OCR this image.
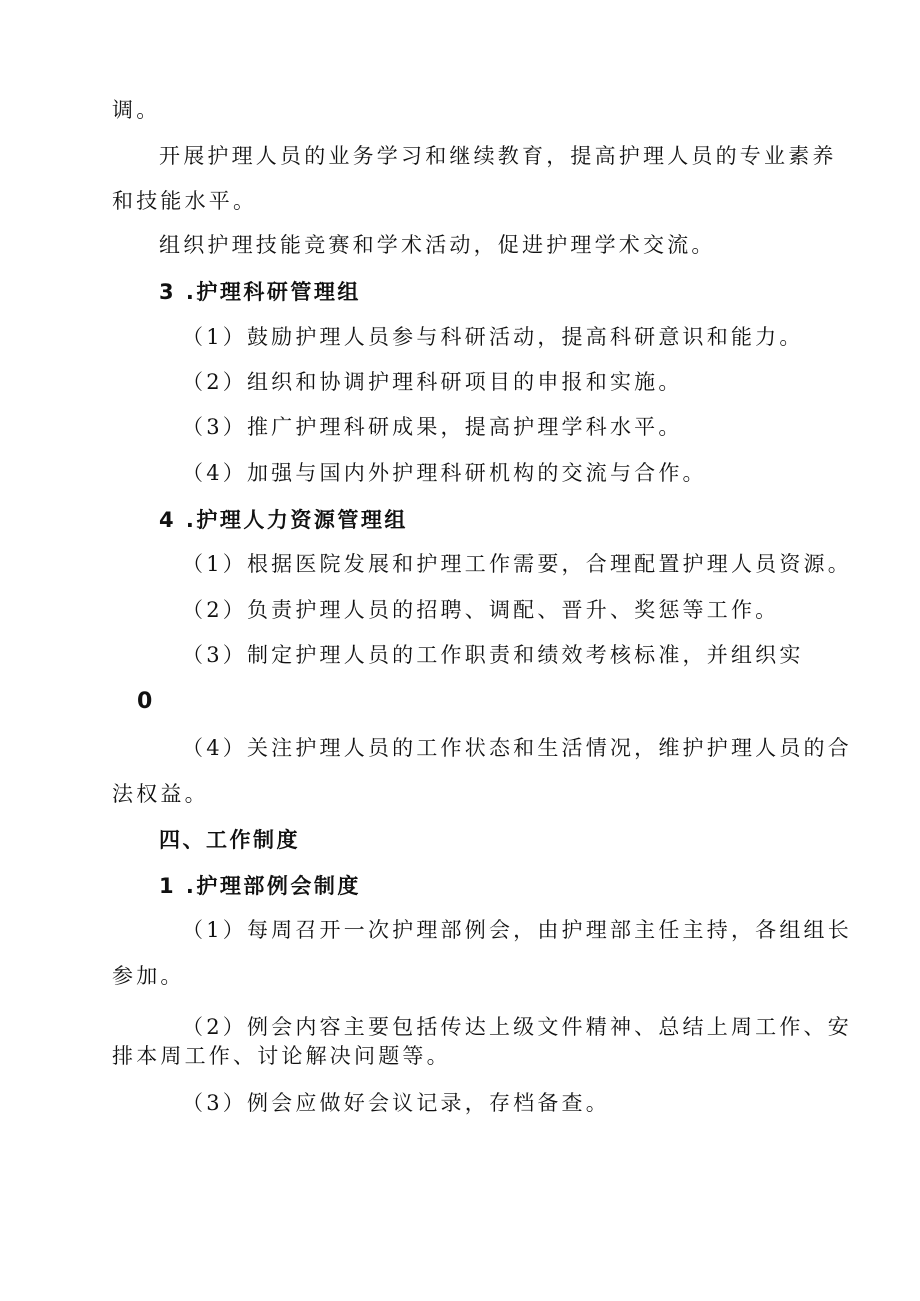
调。
开展护理人员的业务学习和继续教育，提高护理人员的专业素养
和技能水平。
组织护理技能竞赛和学术活动，促进护理学术交流。
3 .护理科研管理组
（1）鼓励护理人员参与科研活动，提高科研意识和能力。
（2）组织和协调护理科研项目的申报和实施。
（3）推广护理科研成果，提高护理学科水平。
（4）加强与国内外护理科研机构的交流与合作。
4 .护理人力资源管理组
（1）根据医院发展和护理工作需要，合理配置护理人员资源。
（2）负责护理人员的招聘、调配、晋升、奖惩等工作。
（3）制定护理人员的工作职责和绩效考核标准，并组织实
0
（4）关注护理人员的工作状态和生活情况，维护护理人员的合
法权益。
四、工作制度
1 .护理部例会制度
（1）每周召开一次护理部例会，由护理部主任主持，各组组长
参加。
（2）例会内容主要包括传达上级文件精神、总结上周工作、安
排本周工作、讨论解决问题等。
（3）例会应做好会议记录，存档备查。
